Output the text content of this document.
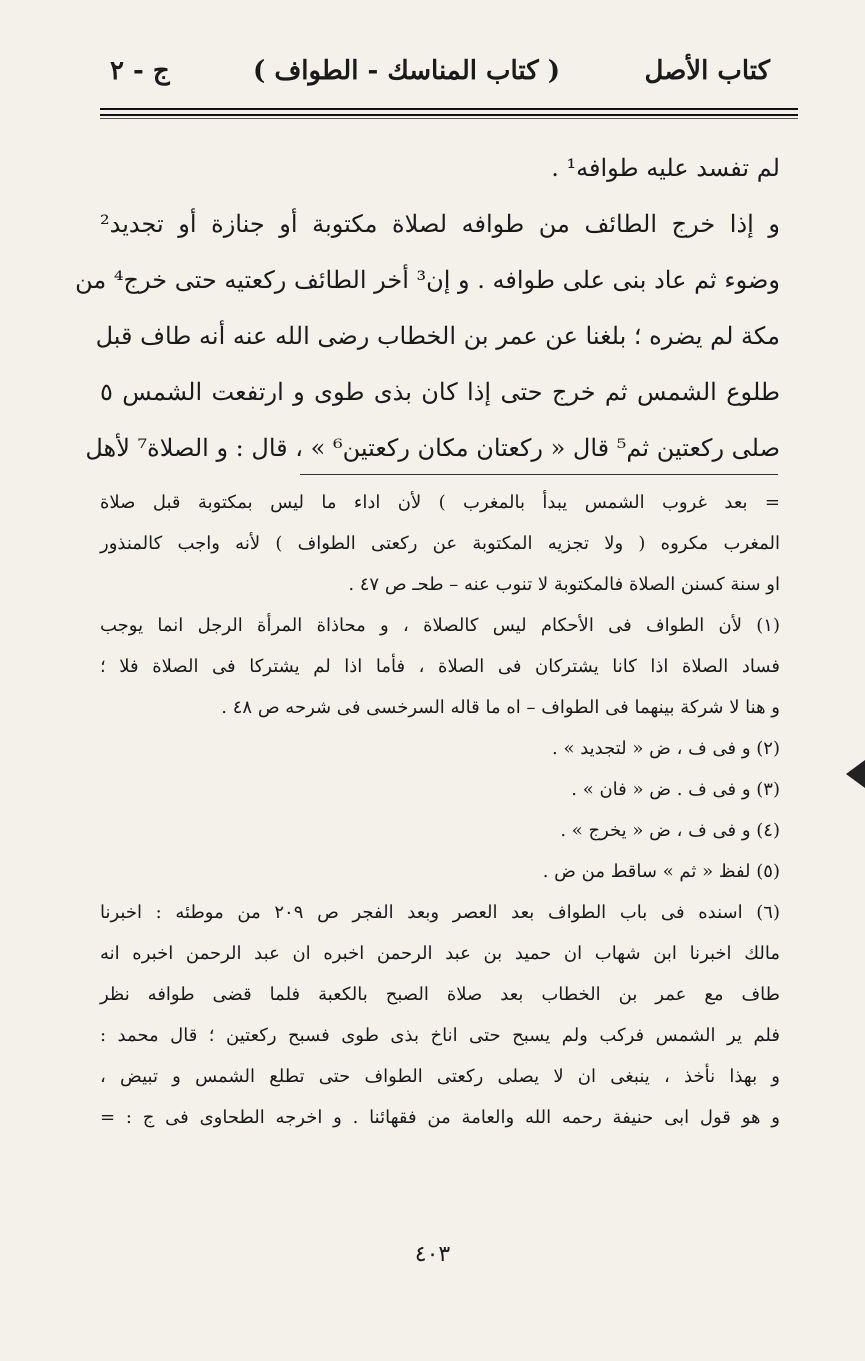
كتاب الأصل
( كتاب المناسك - الطواف )
ج - ٢
لم تفسد عليه طوافه¹ .
و إذا خرج الطائف من طوافه لصلاة مكتوبة أو جنازة أو تجديد²
وضوء ثم عاد بنى على طوافه . و إن³ أخر الطائف ركعتيه حتى خرج⁴ من
مكة لم يضره ؛ بلغنا عن عمر بن الخطاب رضى الله عنه أنه طاف قبل
طلوع الشمس ثم خرج حتى إذا كان بذى طوى و ارتفعت الشمس ٥
صلى ركعتين ثم⁵ قال « ركعتان مكان ركعتين⁶ » ، قال : و الصلاة⁷ لأهل
= بعد غروب الشمس يبدأ بالمغرب ) لأن اداء ما ليس بمكتوبة قبل صلاة
المغرب مكروه ( ولا تجزيه المكتوبة عن ركعتى الطواف ) لأنه واجب كالمنذور
او سنة كسنن الصلاة فالمكتوبة لا تنوب عنه – طحـ ص ٤٧ .
(١) لأن الطواف فى الأحكام ليس كالصلاة ، و محاذاة المرأة الرجل انما يوجب
فساد الصلاة اذا كانا يشتركان فى الصلاة ، فأما اذا لم يشتركا فى الصلاة فلا ؛
و هنا لا شركة بينهما فى الطواف – اه ما قاله السرخسى فى شرحه ص ٤٨ .
(٢) و فى ف ، ض « لتجديد » .
(٣) و فى ف . ض « فان » .
(٤) و فى ف ، ض « يخرج » .
(٥) لفظ « ثم » ساقط من ض .
(٦) اسنده فى باب الطواف بعد العصر وبعد الفجر ص ٢٠٩ من موطئه : اخبرنا
مالك اخبرنا ابن شهاب ان حميد بن عبد الرحمن اخبره ان عبد الرحمن اخبره انه
طاف مع عمر بن الخطاب بعد صلاة الصبح بالكعبة فلما قضى طوافه نظر
فلم ير الشمس فركب ولم يسبح حتى اناخ بذى طوى فسبح ركعتين ؛ قال محمد :
و بهذا نأخذ ، ينبغى ان لا يصلى ركعتى الطواف حتى تطلع الشمس و تبيض ،
و هو قول ابى حنيفة رحمه الله والعامة من فقهائنا . و اخرجه الطحاوى فى ج : =
٤٠٣
